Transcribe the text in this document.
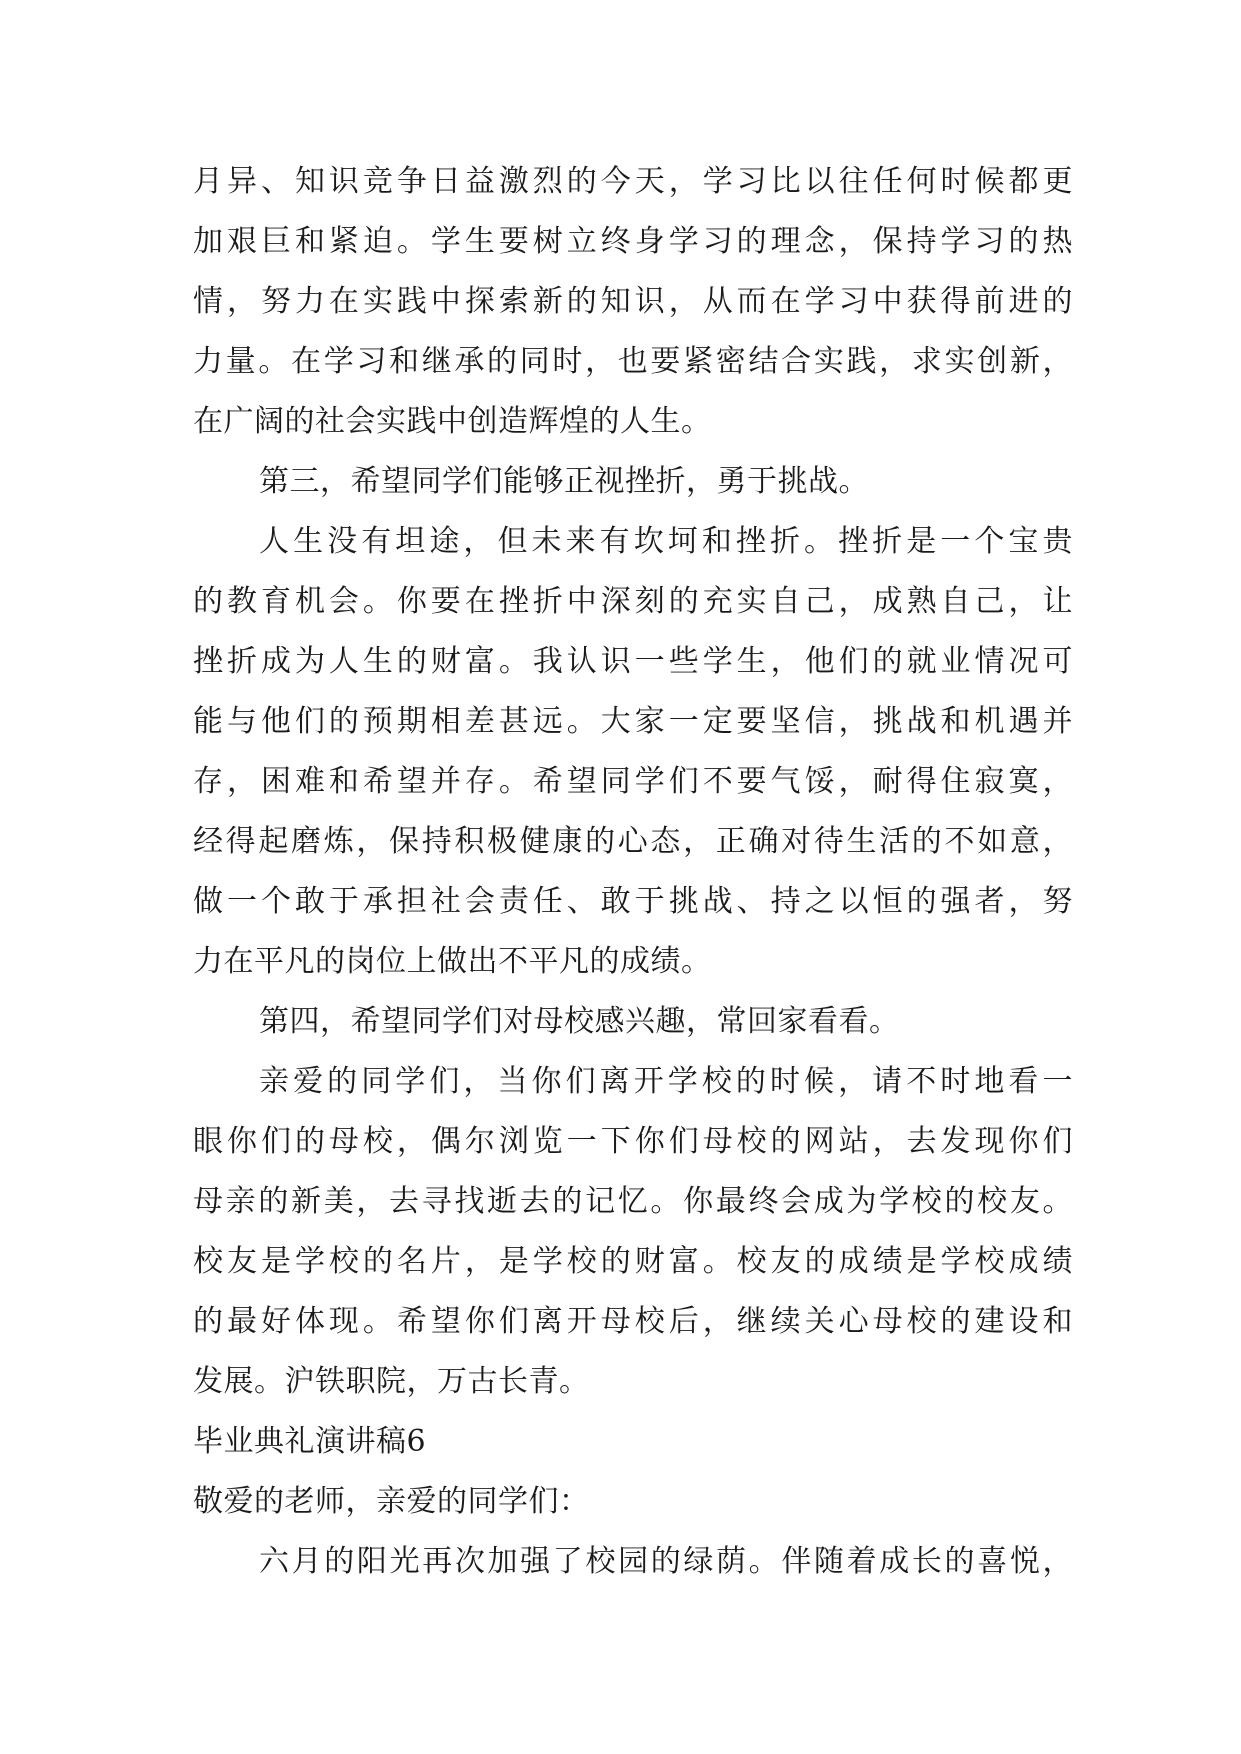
月异、知识竞争日益激烈的今天，学习比以往任何时候都更
加艰巨和紧迫。学生要树立终身学习的理念，保持学习的热
情，努力在实践中探索新的知识，从而在学习中获得前进的
力量。在学习和继承的同时，也要紧密结合实践，求实创新，
在广阔的社会实践中创造辉煌的人生。
第三，希望同学们能够正视挫折，勇于挑战。
人生没有坦途，但未来有坎坷和挫折。挫折是一个宝贵
的教育机会。你要在挫折中深刻的充实自己，成熟自己，让
挫折成为人生的财富。我认识一些学生，他们的就业情况可
能与他们的预期相差甚远。大家一定要坚信，挑战和机遇并
存，困难和希望并存。希望同学们不要气馁，耐得住寂寞，
经得起磨炼，保持积极健康的心态，正确对待生活的不如意，
做一个敢于承担社会责任、敢于挑战、持之以恒的强者，努
力在平凡的岗位上做出不平凡的成绩。
第四，希望同学们对母校感兴趣，常回家看看。
亲爱的同学们，当你们离开学校的时候，请不时地看一
眼你们的母校，偶尔浏览一下你们母校的网站，去发现你们
母亲的新美，去寻找逝去的记忆。你最终会成为学校的校友。
校友是学校的名片，是学校的财富。校友的成绩是学校成绩
的最好体现。希望你们离开母校后，继续关心母校的建设和
发展。沪铁职院，万古长青。
毕业典礼演讲稿6
敬爱的老师，亲爱的同学们：
六月的阳光再次加强了校园的绿荫。伴随着成长的喜悦，
